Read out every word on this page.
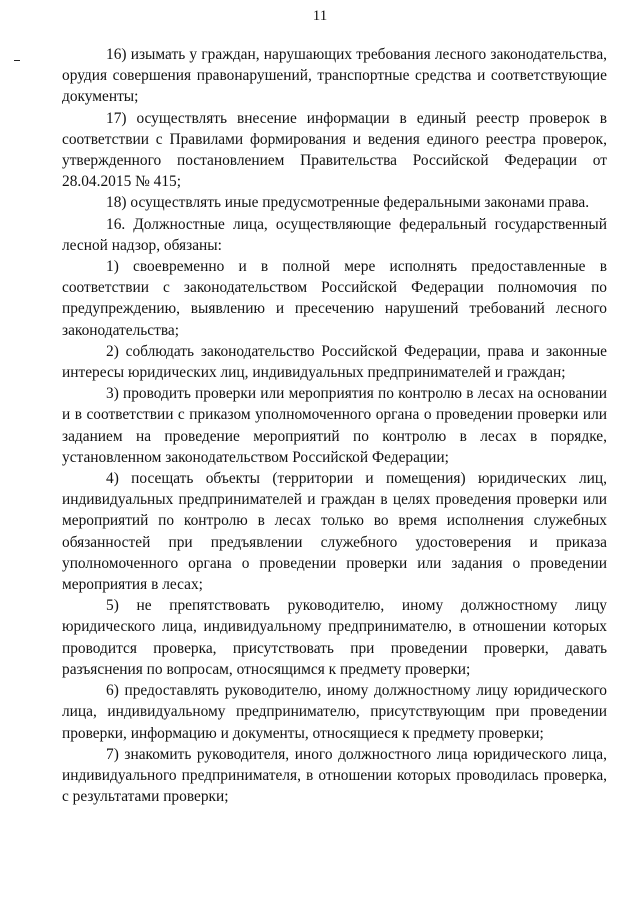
11

16) изымать у граждан, нарушающих требования лесного законодательства, орудия совершения правонарушений, транспортные средства и соответствующие документы;

17) осуществлять внесение информации в единый реестр проверок в соответствии с Правилами формирования и ведения единого реестра проверок, утвержденного постановлением Правительства Российской Федерации от 28.04.2015 № 415;

18) осуществлять иные предусмотренные федеральными законами права.

16. Должностные лица, осуществляющие федеральный государственный лесной надзор, обязаны:

1) своевременно и в полной мере исполнять предоставленные в соответствии с законодательством Российской Федерации полномочия по предупреждению, выявлению и пресечению нарушений требований лесного законодательства;

2) соблюдать законодательство Российской Федерации, права и законные интересы юридических лиц, индивидуальных предпринимателей и граждан;

3) проводить проверки или мероприятия по контролю в лесах на основании и в соответствии с приказом уполномоченного органа о проведении проверки или заданием на проведение мероприятий по контролю в лесах в порядке, установленном законодательством Российской Федерации;

4) посещать объекты (территории и помещения) юридических лиц, индивидуальных предпринимателей и граждан в целях проведения проверки или мероприятий по контролю в лесах только во время исполнения служебных обязанностей при предъявлении служебного удостоверения и приказа уполномоченного органа о проведении проверки или задания о проведении мероприятия в лесах;

5) не препятствовать руководителю, иному должностному лицу юридического лица, индивидуальному предпринимателю, в отношении которых проводится проверка, присутствовать при проведении проверки, давать разъяснения по вопросам, относящимся к предмету проверки;

6) предоставлять руководителю, иному должностному лицу юридического лица, индивидуальному предпринимателю, присутствующим при проведении проверки, информацию и документы, относящиеся к предмету проверки;

7) знакомить руководителя, иного должностного лица юридического лица, индивидуального предпринимателя, в отношении которых проводилась проверка, с результатами проверки;
